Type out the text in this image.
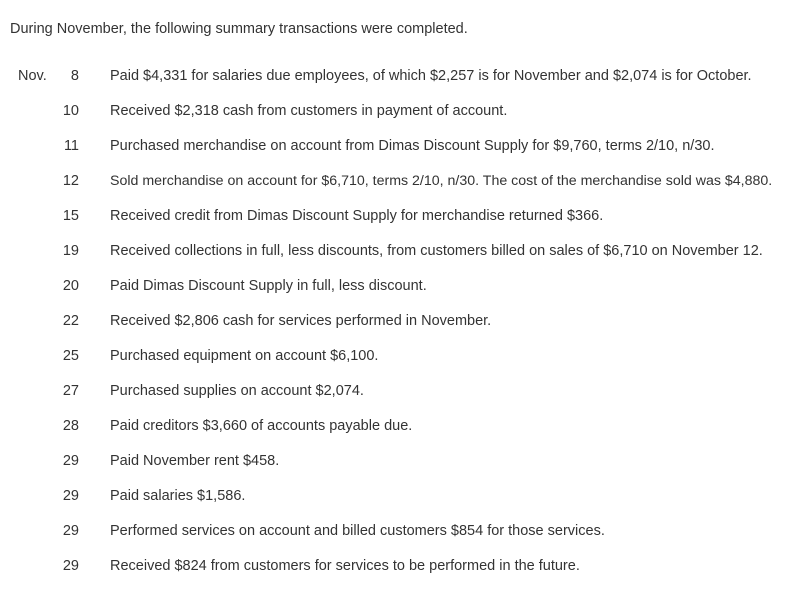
During November, the following summary transactions were completed.
Nov.	8 Paid $4,331 for salaries due employees, of which $2,257 is for November and $2,074 is for October.
10 Received $2,318 cash from customers in payment of account.
11 Purchased merchandise on account from Dimas Discount Supply for $9,760, terms 2/10, n/30.
12 Sold merchandise on account for $6,710, terms 2/10, n/30. The cost of the merchandise sold was $4,880.
15 Received credit from Dimas Discount Supply for merchandise returned $366.
19 Received collections in full, less discounts, from customers billed on sales of $6,710 on November 12.
20 Paid Dimas Discount Supply in full, less discount.
22 Received $2,806 cash for services performed in November.
25 Purchased equipment on account $6,100.
27 Purchased supplies on account $2,074.
28 Paid creditors $3,660 of accounts payable due.
29 Paid November rent $458.
29 Paid salaries $1,586.
29 Performed services on account and billed customers $854 for those services.
29 Received $824 from customers for services to be performed in the future.
